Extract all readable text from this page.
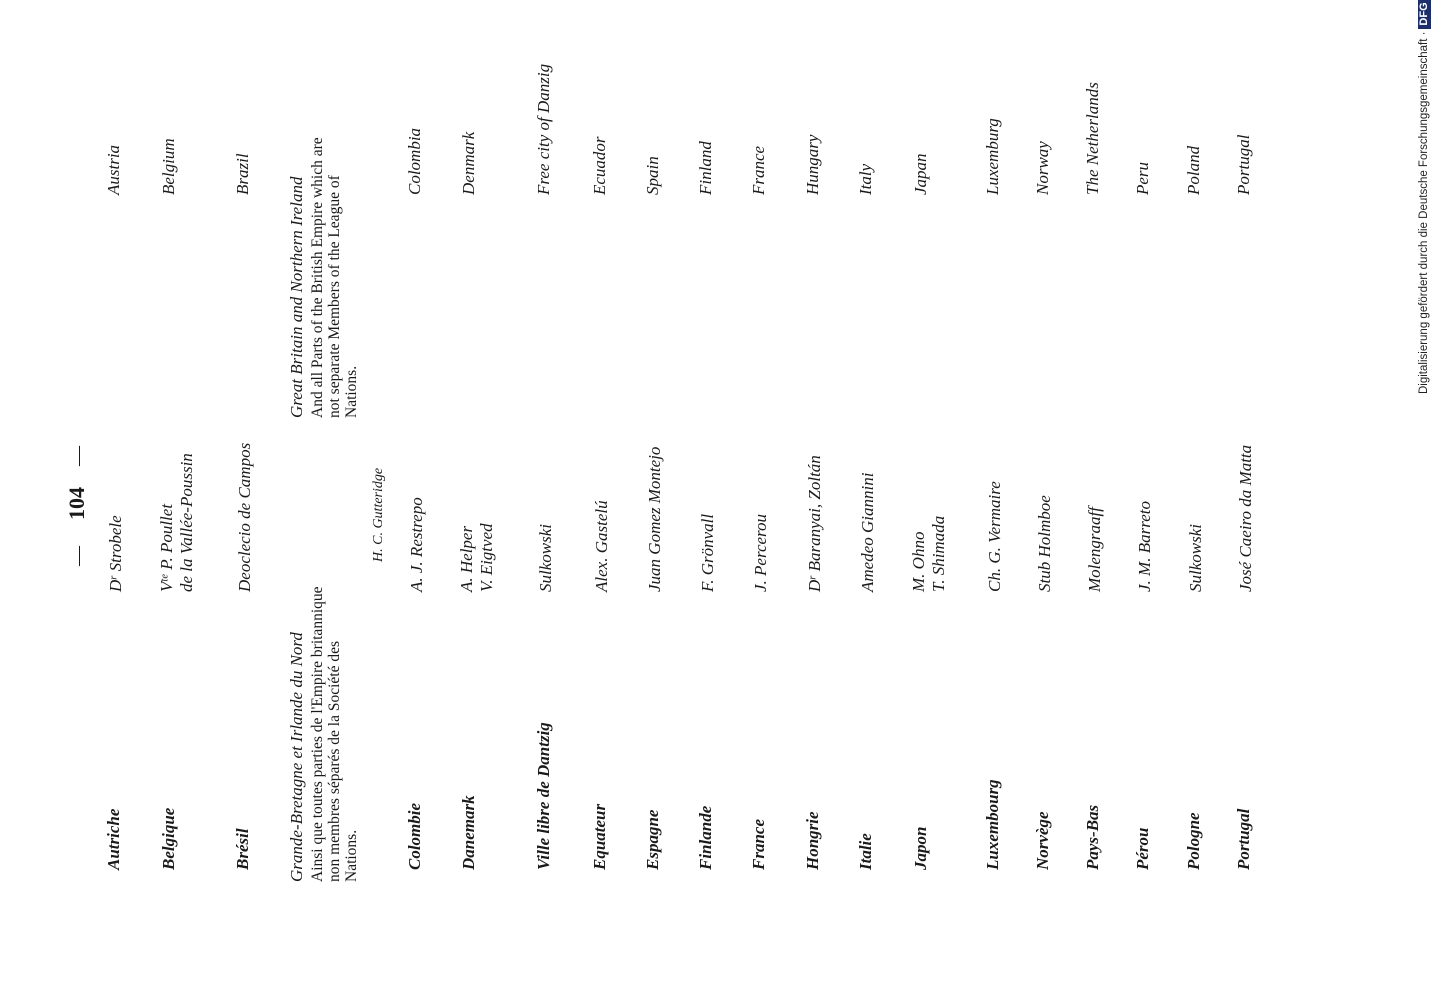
—
104
—
Digitalisierung gefördert durch die Deutsche Forschungsgemeinschaft ·DFG
Autriche
Austria
$D^r$ Strobele
Belgique
Belgium
$V^{te}$ P. Poullet de la Vallée-Poussin
Brésil
Brazil
Deoclecio de Campos
Grande-Bretagne et Irlande du Nord Ainsi que toutes parties de l'Empire britannique non membres séparés de la Société des Nations.
Great Britain and Northern Ireland And all Parts of the British Empire which are not separate Members of the League of Nations.
H. C. Gutteridge
Colombie
Colombia
A. J. Restrepo
Danemark
Denmark
A. Helper V. Eigtved
Ville libre de Dantzig
Free city of Danzig
Sulkowski
Equateur
Ecuador
Alex. Gastelú
Espagne
Spain
Juan Gomez Montejo
Finlande
Finland
F. Grönvall
France
France
J. Percerou
Hongrie
Hungary
$D^r$ Baranyai, Zoltán
Italie
Italy
Amedeo Giannini
Japon
Japan
M. Ohno T. Shimada
Luxembourg
Luxemburg
Ch. G. Vermaire
Norvège
Norway
Stub Holmboe
Pays-Bas
The Netherlands
Molengraaff
Pérou
Peru
J. M. Barreto
Pologne
Poland
Sulkowski
Portugal
Portugal
José Caeiro da Matta
